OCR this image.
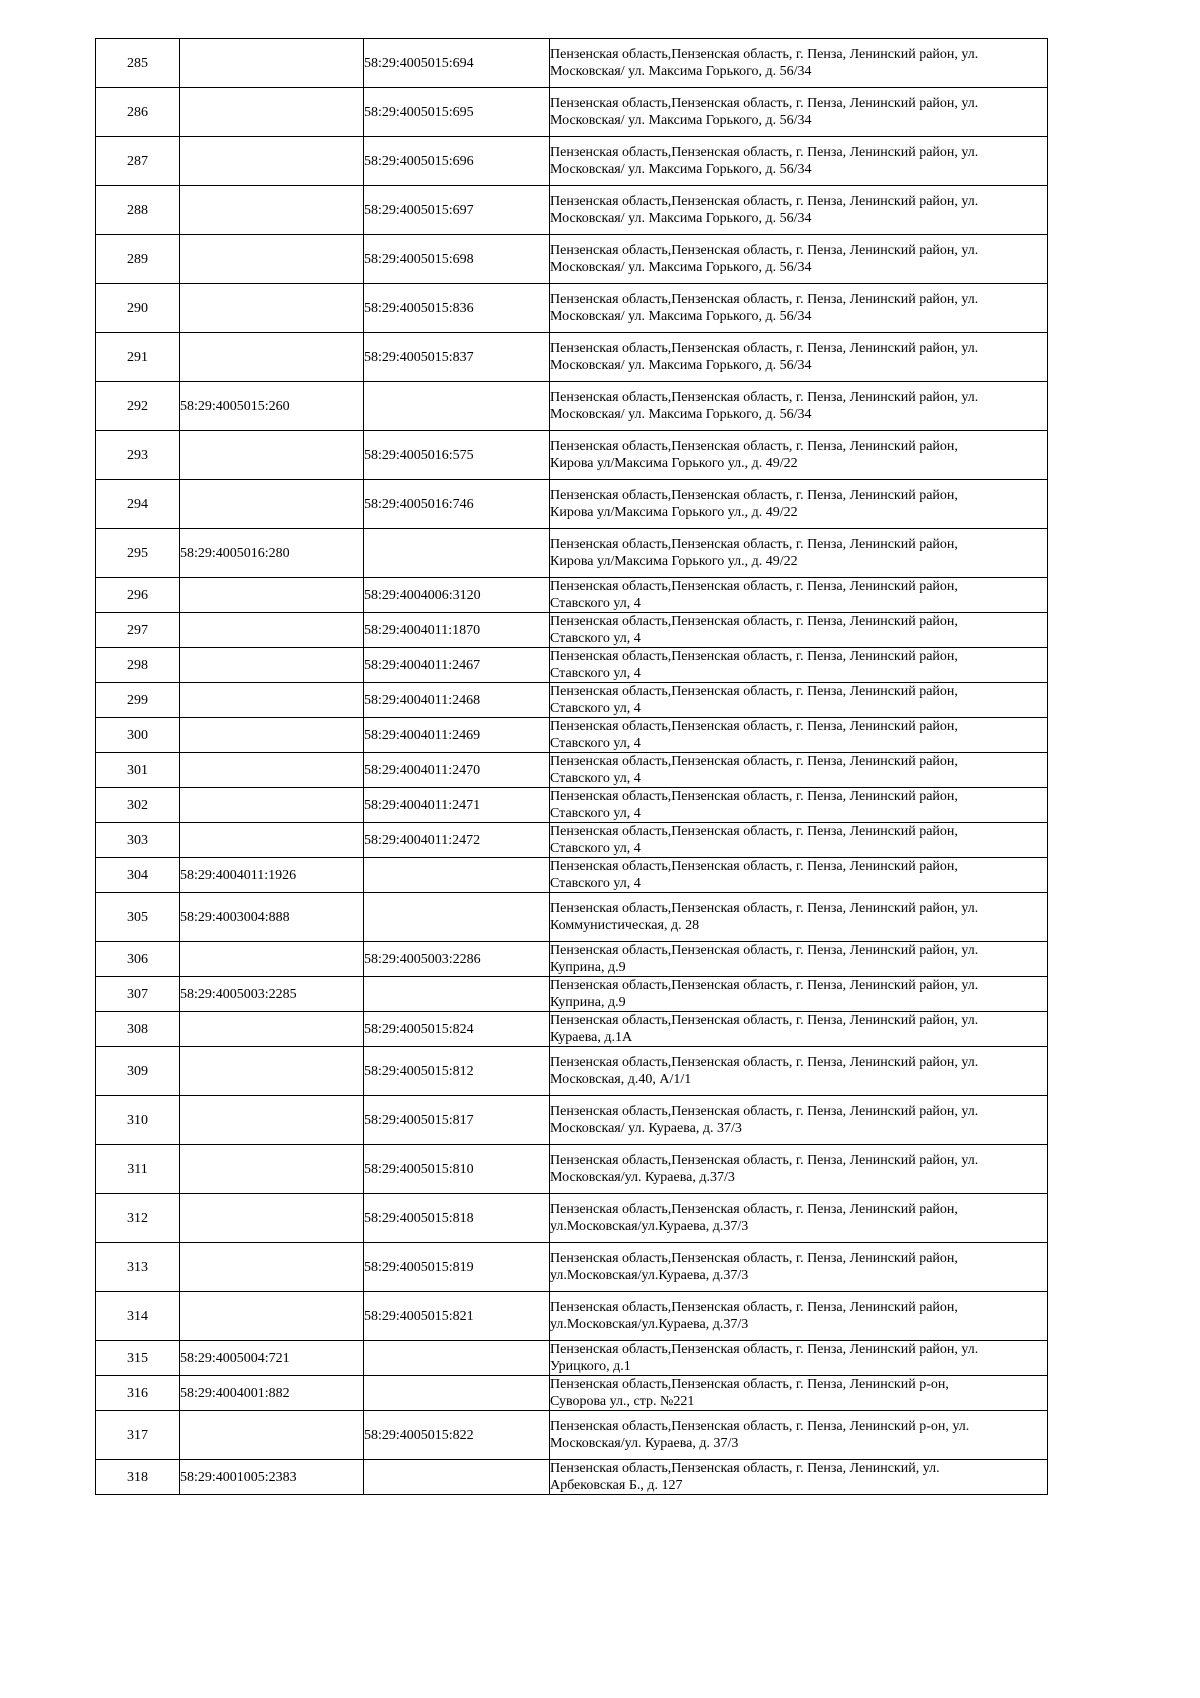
285		58:29:4005015:694	Пензенская область,Пензенская область, г. Пенза, Ленинский район, ул.
Московская/ ул. Максима Горького, д. 56/34

286		58:29:4005015:695	Пензенская область,Пензенская область, г. Пенза, Ленинский район, ул.
Московская/ ул. Максима Горького, д. 56/34

287		58:29:4005015:696	Пензенская область,Пензенская область, г. Пенза, Ленинский район, ул.
Московская/ ул. Максима Горького, д. 56/34

288		58:29:4005015:697	Пензенская область,Пензенская область, г. Пенза, Ленинский район, ул.
Московская/ ул. Максима Горького, д. 56/34

289		58:29:4005015:698	Пензенская область,Пензенская область, г. Пенза, Ленинский район, ул.
Московская/ ул. Максима Горького, д. 56/34

290		58:29:4005015:836	Пензенская область,Пензенская область, г. Пенза, Ленинский район, ул.
Московская/ ул. Максима Горького, д. 56/34

291		58:29:4005015:837	Пензенская область,Пензенская область, г. Пенза, Ленинский район, ул.
Московская/ ул. Максима Горького, д. 56/34

292	58:29:4005015:260		Пензенская область,Пензенская область, г. Пенза, Ленинский район, ул.
Московская/ ул. Максима Горького, д. 56/34

293		58:29:4005016:575	Пензенская область,Пензенская область, г. Пенза, Ленинский район,
Кирова ул/Максима Горького ул., д. 49/22

294		58:29:4005016:746	Пензенская область,Пензенская область, г. Пенза, Ленинский район,
Кирова ул/Максима Горького ул., д. 49/22

295	58:29:4005016:280		Пензенская область,Пензенская область, г. Пенза, Ленинский район,
Кирова ул/Максима Горького ул., д. 49/22

296		58:29:4004006:3120	Пензенская область,Пензенская область, г. Пенза, Ленинский район,
Ставского ул, 4

297		58:29:4004011:1870	Пензенская область,Пензенская область, г. Пенза, Ленинский район,
Ставского ул, 4

298		58:29:4004011:2467	Пензенская область,Пензенская область, г. Пенза, Ленинский район,
Ставского ул, 4

299		58:29:4004011:2468	Пензенская область,Пензенская область, г. Пенза, Ленинский район,
Ставского ул, 4

300		58:29:4004011:2469	Пензенская область,Пензенская область, г. Пенза, Ленинский район,
Ставского ул, 4

301		58:29:4004011:2470	Пензенская область,Пензенская область, г. Пенза, Ленинский район,
Ставского ул, 4

302		58:29:4004011:2471	Пензенская область,Пензенская область, г. Пенза, Ленинский район,
Ставского ул, 4

303		58:29:4004011:2472	Пензенская область,Пензенская область, г. Пенза, Ленинский район,
Ставского ул, 4

304	58:29:4004011:1926		Пензенская область,Пензенская область, г. Пенза, Ленинский район,
Ставского ул, 4

305	58:29:4003004:888		Пензенская область,Пензенская область, г. Пенза, Ленинский район, ул.
Коммунистическая, д. 28

306		58:29:4005003:2286	Пензенская область,Пензенская область, г. Пенза, Ленинский район, ул.
Куприна, д.9

307	58:29:4005003:2285		Пензенская область,Пензенская область, г. Пенза, Ленинский район, ул.
Куприна, д.9

308		58:29:4005015:824	Пензенская область,Пензенская область, г. Пенза, Ленинский район, ул.
Кураева, д.1А

309		58:29:4005015:812	Пензенская область,Пензенская область, г. Пенза, Ленинский район, ул.
Московская, д.40, А/1/1

310		58:29:4005015:817	Пензенская область,Пензенская область, г. Пенза, Ленинский район, ул.
Московская/ ул. Кураева, д. 37/3

311		58:29:4005015:810	Пензенская область,Пензенская область, г. Пенза, Ленинский район, ул.
Московская/ул. Кураева, д.37/3

312		58:29:4005015:818	Пензенская область,Пензенская область, г. Пенза, Ленинский район,
ул.Московская/ул.Кураева, д.37/3

313		58:29:4005015:819	Пензенская область,Пензенская область, г. Пенза, Ленинский район,
ул.Московская/ул.Кураева, д.37/3

314		58:29:4005015:821	Пензенская область,Пензенская область, г. Пенза, Ленинский район,
ул.Московская/ул.Кураева, д.37/3

315	58:29:4005004:721		Пензенская область,Пензенская область, г. Пенза, Ленинский район, ул.
Урицкого, д.1

316	58:29:4004001:882		Пензенская область,Пензенская область, г. Пенза, Ленинский р-он,
Суворова ул., стр. №221

317		58:29:4005015:822	Пензенская область,Пензенская область, г. Пенза, Ленинский р-он, ул.
Московская/ул. Кураева, д. 37/3

318	58:29:4001005:2383		Пензенская область,Пензенская область, г. Пенза, Ленинский, ул.
Арбековская Б., д. 127
